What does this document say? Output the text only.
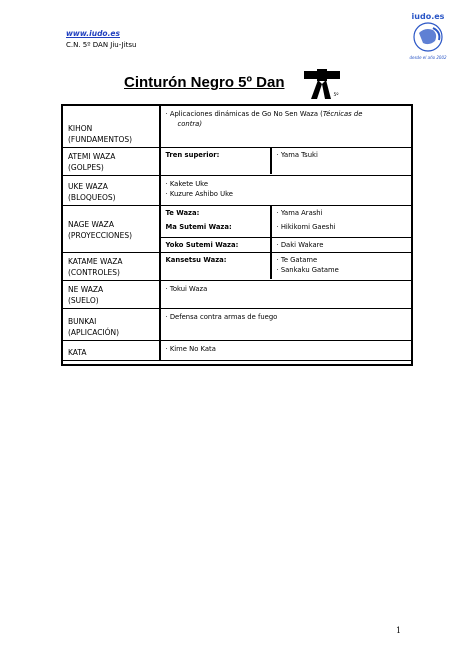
www.iudo.es
C.N. 5º DAN Jiu-Jitsu
iudo.es
desde el año 2002
Cinturón Negro 5º Dan
5º
KIHON
(FUNDAMENTOS)
	· Aplicaciones dinámicas de Go No Sen Waza (Técnicas de
contra)

ATEMI WAZA
(GOLPES)

Tren superior:	· Yama Tsuki

UKE WAZA
(BLOQUEOS)

· Kakete Uke
· Kuzure Ashibo Uke

NAGE WAZA
(PROYECCIONES)

Te Waza:	· Yama Arashi
Ma Sutemi Waza:	· Hikikomi Gaeshi
Yoko Sutemi Waza:	· Daki Wakare

KATAME WAZA
(CONTROLES)

Kansetsu Waza:	· Te Gatame
· Sankaku Gatame

NE WAZA
(SUELO)
	· Tokui Waza

BUNKAI
(APLICACIÓN)
	· Defensa contra armas de fuego

KATA	· Kime No Kata
1
